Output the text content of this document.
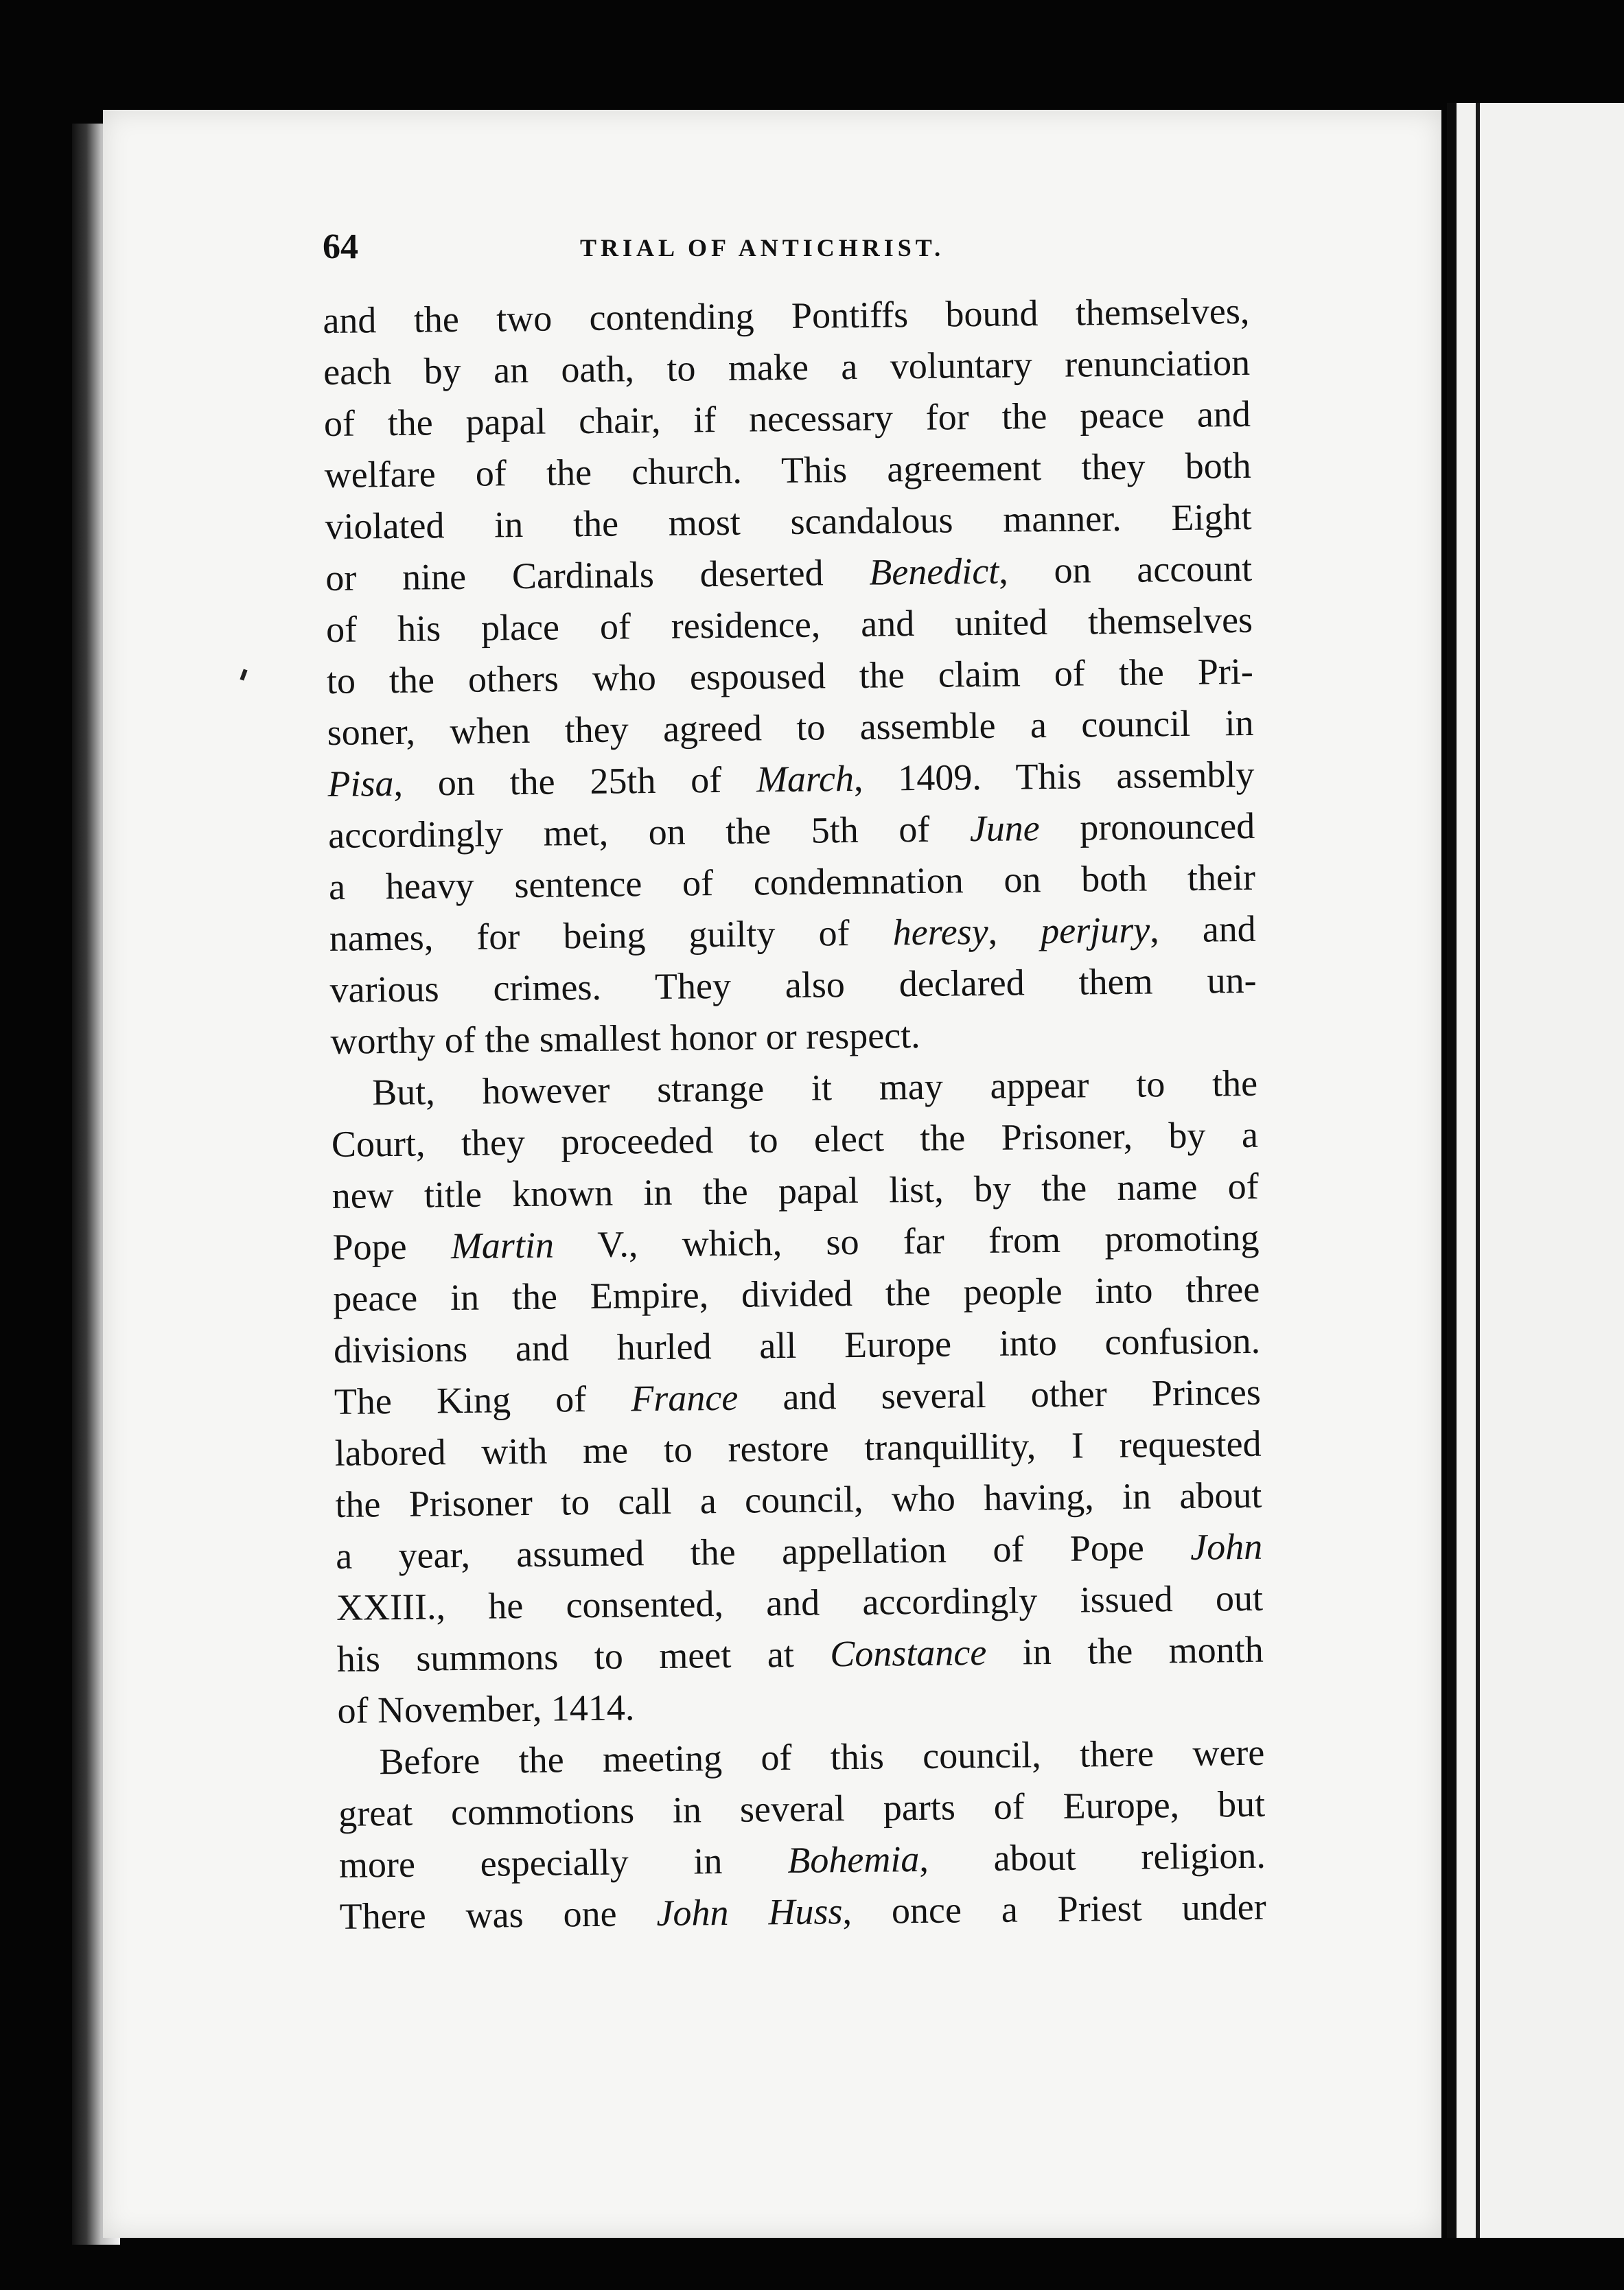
64	TRIAL OF ANTICHRIST.
and the two contending Pontiffs bound themselves,
each by an oath, to make a voluntary renunciation
of the papal chair, if necessary for the peace and
welfare of the church. This agreement they both
violated in the most scandalous manner. Eight
or nine Cardinals deserted Benedict, on account
of his place of residence, and united themselves
to the others who espoused the claim of the Pri-
soner, when they agreed to assemble a council in
Pisa, on the 25th of March, 1409. This assembly
accordingly met, on the 5th of June pronounced
a heavy sentence of condemnation on both their
names, for being guilty of heresy, perjury, and
various crimes. They also declared them un-
worthy of the smallest honor or respect.
But, however strange it may appear to the
Court, they proceeded to elect the Prisoner, by a
new title known in the papal list, by the name of
Pope Martin V., which, so far from promoting
peace in the Empire, divided the people into three
divisions and hurled all Europe into confusion.
The King of France and several other Princes
labored with me to restore tranquillity, I requested
the Prisoner to call a council, who having, in about
a year, assumed the appellation of Pope John
XXIII., he consented, and accordingly issued out
his summons to meet at Constance in the month
of November, 1414.
Before the meeting of this council, there were
great commotions in several parts of Europe, but
more especially in Bohemia, about religion.
There was one John Huss, once a Priest under
